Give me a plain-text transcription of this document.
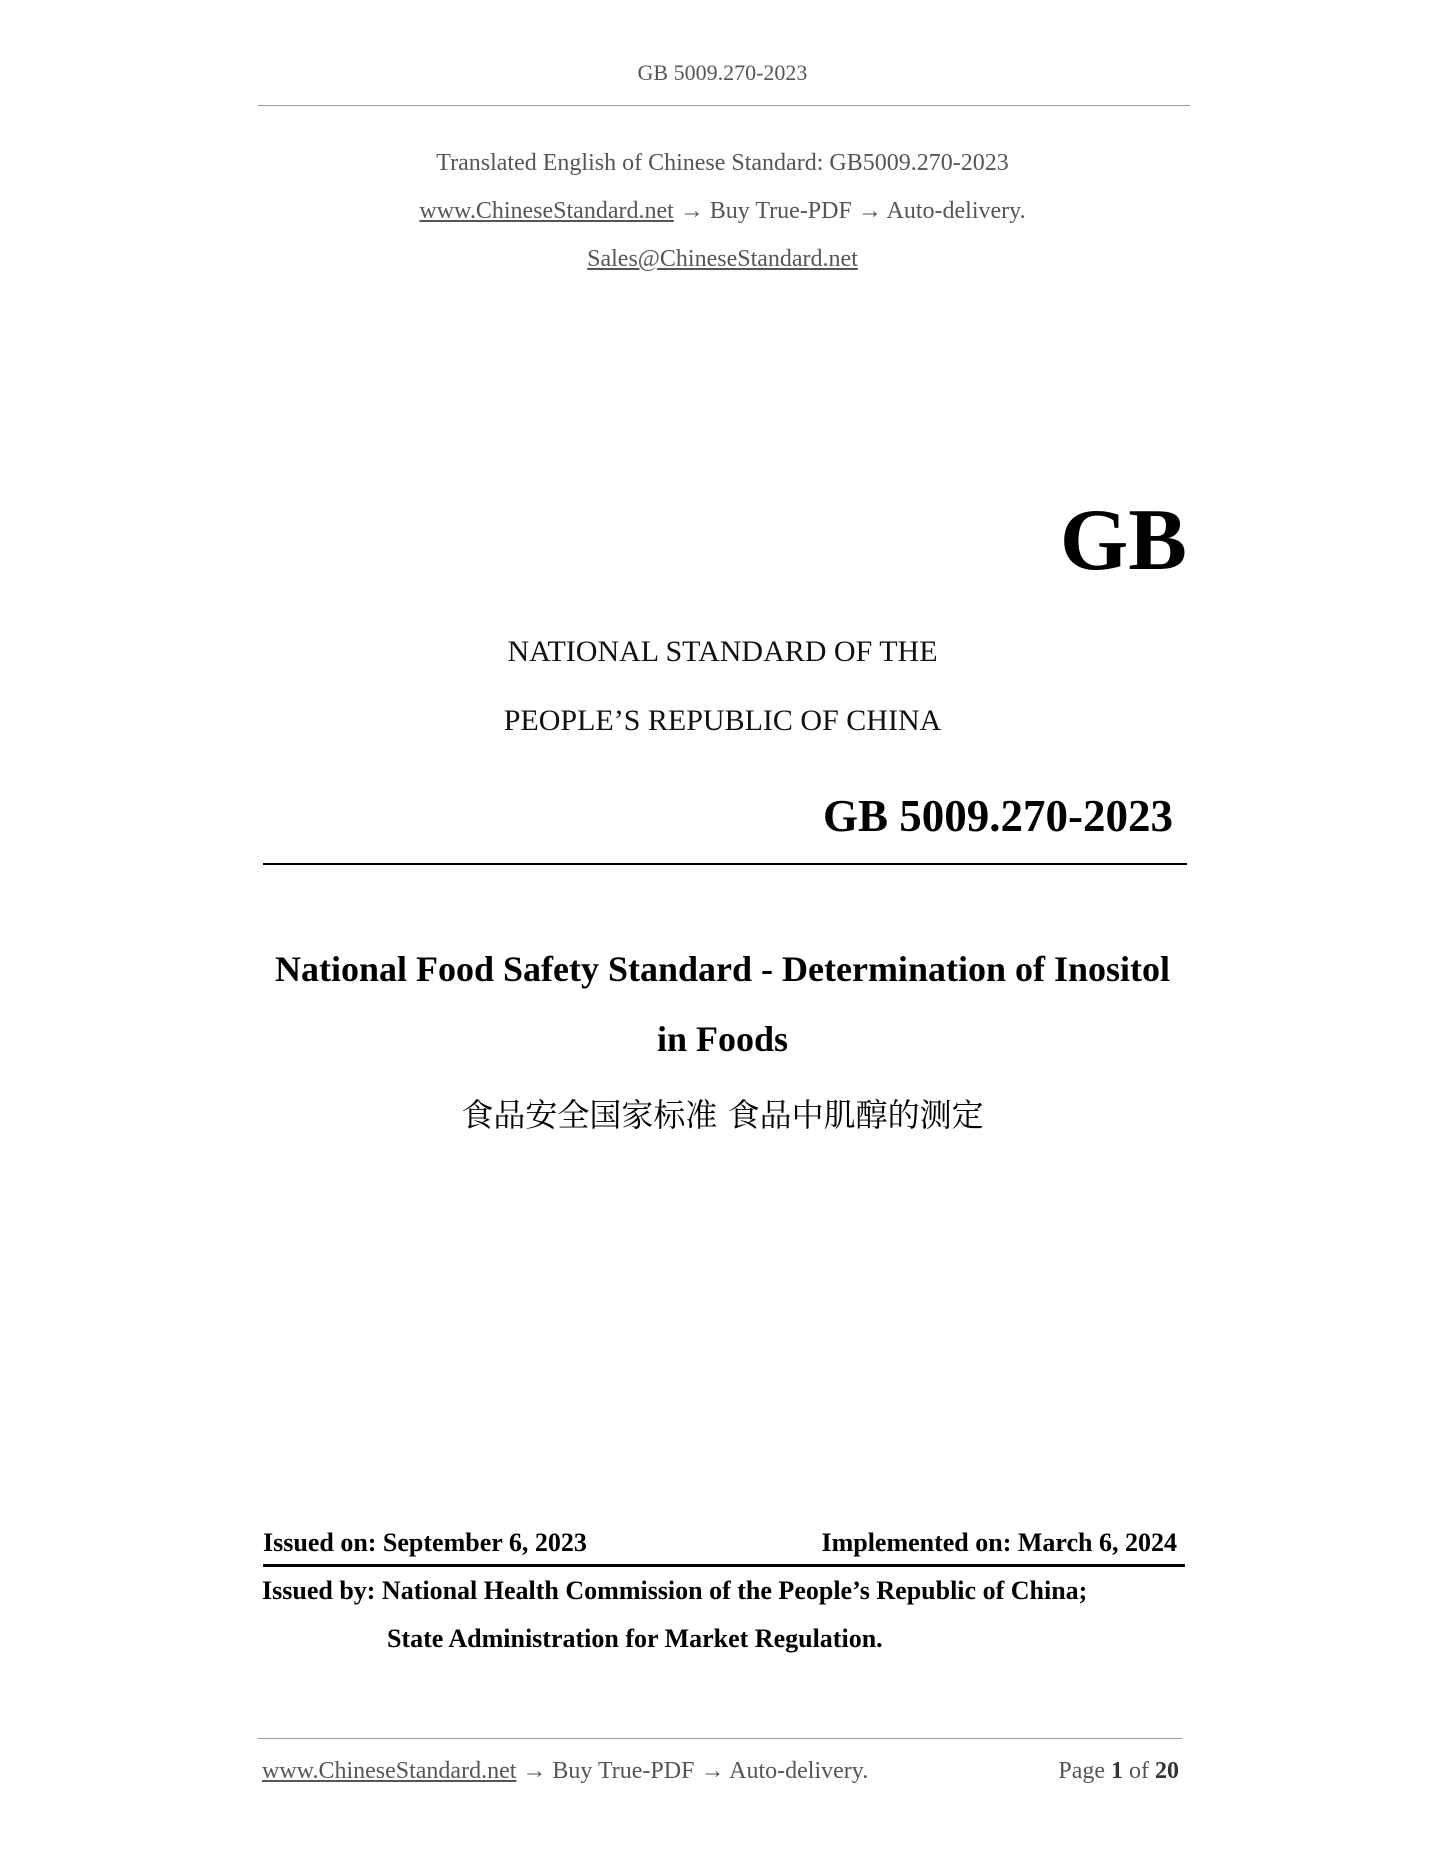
GB 5009.270-2023
Translated English of Chinese Standard: GB5009.270-2023
www.ChineseStandard.net → Buy True-PDF → Auto-delivery.
Sales@ChineseStandard.net
GB
NATIONAL STANDARD OF THE
PEOPLE’S REPUBLIC OF CHINA
GB 5009.270-2023
National Food Safety Standard - Determination of Inositol
in Foods
食品安全国家标准 食品中肌醇的测定
Issued on: September 6, 2023	Implemented on: March 6, 2024
Issued by: National Health Commission of the People’s Republic of China;
State Administration for Market Regulation.
www.ChineseStandard.net → Buy True-PDF → Auto-delivery.	Page 1 of 20
